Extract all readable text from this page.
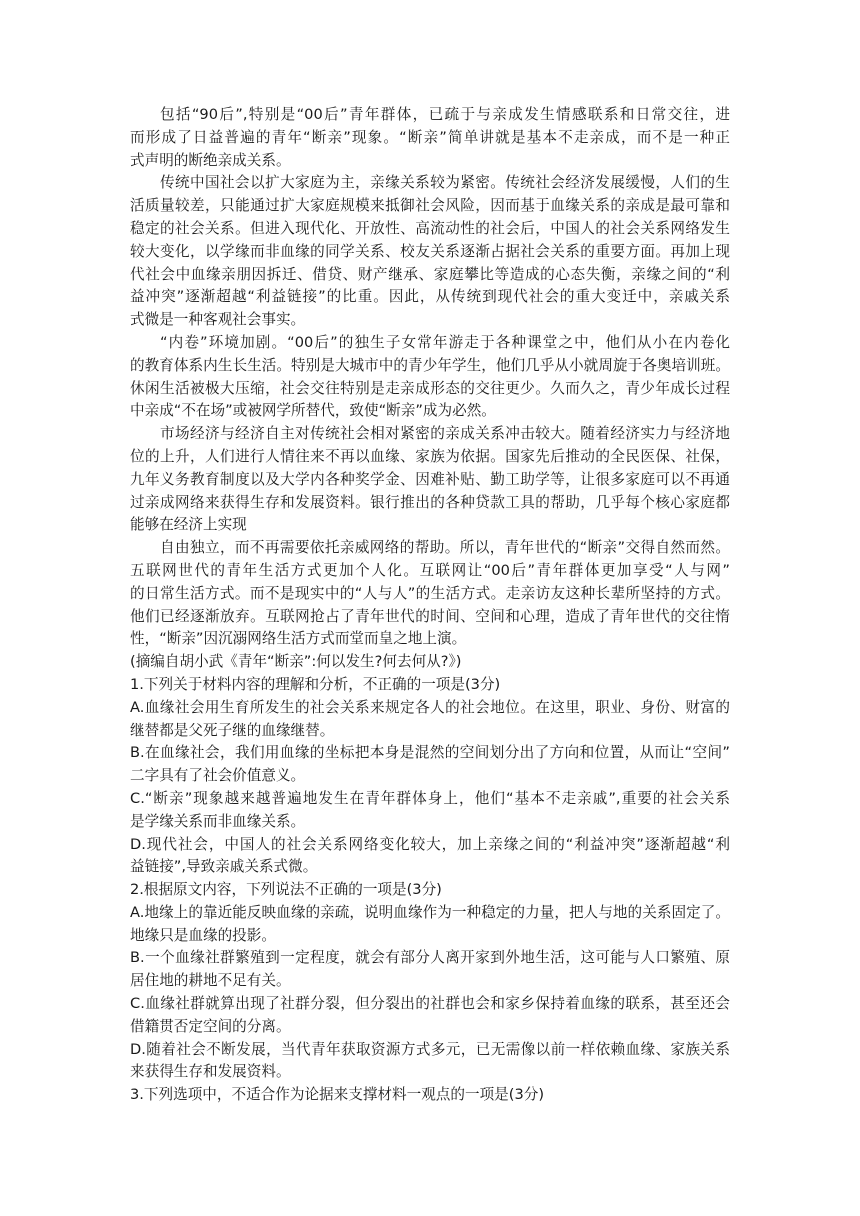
包括“90后”,特别是“00后”青年群体，已疏于与亲成发生情感联系和日常交往，进
而形成了日益普遍的青年“断亲”现象。“断亲”简单讲就是基本不走亲成，而不是一种正
式声明的断绝亲成关系。
传统中国社会以扩大家庭为主，亲缘关系较为紧密。传统社会经济发展缓慢，人们的生
活质量较差，只能通过扩大家庭规模来抵御社会风险，因而基于血缘关系的亲成是最可靠和
稳定的社会关系。但进入现代化、开放性、高流动性的社会后，中国人的社会关系网络发生
较大变化，以学缘而非血缘的同学关系、校友关系逐渐占据社会关系的重要方面。再加上现
代社会中血缘亲朋因拆迁、借贷、财产继承、家庭攀比等造成的心态失衡，亲缘之间的“利
益冲突”逐渐超越“利益链接”的比重。因此，从传统到现代社会的重大变迁中，亲戚关系
式微是一种客观社会事实。
“内卷”环境加剧。“00后”的独生子女常年游走于各种课堂之中，他们从小在内卷化
的教育体系内生长生活。特别是大城市中的青少年学生，他们几乎从小就周旋于各奥培训班。
休闲生活被极大压缩，社会交往特别是走亲成形态的交往更少。久而久之，青少年成长过程
中亲成“不在场”或被网学所替代，致使“断亲”成为必然。
市场经济与经济自主对传统社会相对紧密的亲成关系冲击较大。随着经济实力与经济地
位的上升，人们进行人情往来不再以血缘、家族为依据。国家先后推动的全民医保、社保，
九年义务教育制度以及大学内各种奖学金、因难补贴、勤工助学等，让很多家庭可以不再通
过亲成网络来获得生存和发展资料。银行推出的各种贷款工具的帮助，几乎每个核心家庭都
能够在经济上实现
自由独立，而不再需要依托亲威网络的帮助。所以，青年世代的“断亲”交得自然而然。
五联网世代的青年生活方式更加个人化。互联网让“00后”青年群体更加享受“人与网”
的日常生活方式。而不是现实中的“人与人”的生活方式。走亲访友这种长辈所坚持的方式。
他们已经逐渐放弃。互联网抢占了青年世代的时间、空间和心理，造成了青年世代的交往惰
性，“断亲”因沉溺网络生活方式而堂而皇之地上演。
(摘编自胡小武《青年“断亲”:何以发生?何去何从?》)
1.下列关于材料内容的理解和分析，不正确的一项是(3分)
A.血缘社会用生育所发生的社会关系来规定各人的社会地位。在这里，职业、身份、财富的
继替都是父死子继的血缘继替。
B.在血缘社会，我们用血缘的坐标把本身是混然的空间划分出了方向和位置，从而让“空间”
二字具有了社会价值意义。
C.“断亲”现象越来越普遍地发生在青年群体身上，他们“基本不走亲戚”,重要的社会关系
是学缘关系而非血缘关系。
D.现代社会，中国人的社会关系网络变化较大，加上亲缘之间的“利益冲突”逐渐超越“利
益链接”,导致亲戚关系式微。
2.根据原文内容，下列说法不正确的一项是(3分)
A.地缘上的靠近能反映血缘的亲疏，说明血缘作为一种稳定的力量，把人与地的关系固定了。
地缘只是血缘的投影。
B.一个血缘社群繁殖到一定程度，就会有部分人离开家到外地生活，这可能与人口繁殖、原
居住地的耕地不足有关。
C.血缘社群就算出现了社群分裂，但分裂出的社群也会和家乡保持着血缘的联系，甚至还会
借籍贯否定空间的分离。
D.随着社会不断发展，当代青年获取资源方式多元，已无需像以前一样依赖血缘、家族关系
来获得生存和发展资料。
3.下列选项中，不适合作为论据来支撑材料一观点的一项是(3分)
